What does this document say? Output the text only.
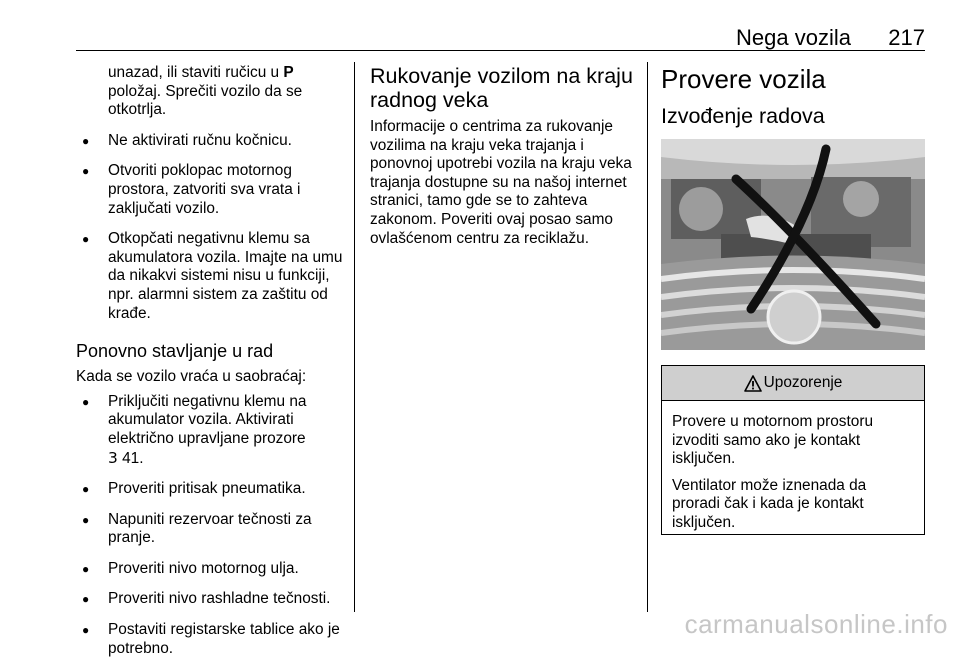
Nega vozila 217

unazad, ili staviti ručicu u P
položaj. Sprečiti vozilo da se otkotrlja.

● Ne aktivirati ručnu kočnicu.
● Otvoriti poklopac motornog prostora, zatvoriti sva vrata i zaključati vozilo.
● Otkopčati negativnu klemu sa akumulatora vozila. Imajte na umu da nikakvi sistemi nisu u funkciji, npr. alarmni sistem za zaštitu od krađe.
Ponovno stavljanje u rad

Kada se vozilo vraća u saobraćaj:

● Priključiti negativnu klemu na akumulator vozila. Aktivirati električno upravljane prozore
3 41.
● Proveriti pritisak pneumatika.
● Napuniti rezervoar tečnosti za pranje.
● Proveriti nivo motornog ulja.
● Proveriti nivo rashladne tečnosti.
● Postaviti registarske tablice ako je potrebno.
Rukovanje vozilom na kraju radnog veka

Informacije o centrima za rukovanje vozilima na kraju veka trajanja i ponovnoj upotrebi vozila na kraju veka trajanja dostupne su na našoj internet stranici, tamo gde se to zahteva zakonom. Poveriti ovaj posao samo ovlašćenom centru za reciklažu.

Provere vozila
Izvođenje radova
Upozorenje

Provere u motornom prostoru izvoditi samo ako je kontakt isključen.

Ventilator može iznenada da proradi čak i kada je kontakt isključen.

carmanualsonline.info
